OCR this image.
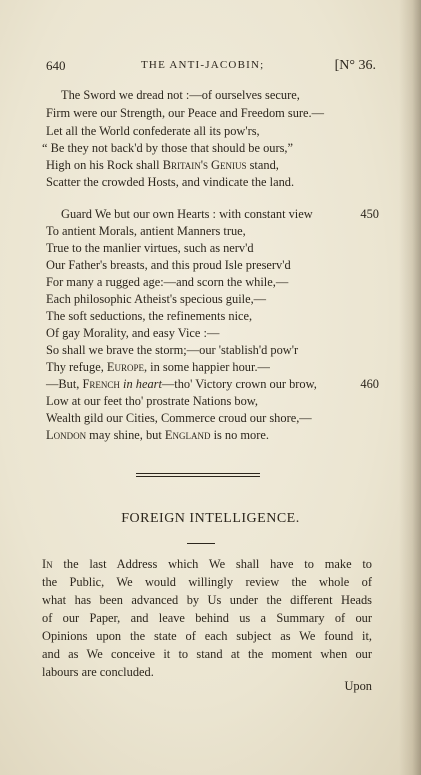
640	THE ANTI-JACOBIN;	[N° 36.
The Sword we dread not :—of ourselves secure,
Firm were our Strength, our Peace and Freedom sure.—
Let all the World confederate all its pow'rs,
“ Be they not back'd by those that should be ours,”
High on his Rock shall Britain's Genius stand,
Scatter the crowded Hosts, and vindicate the land.
Guard We but our own Hearts : with constant view	450
To antient Morals, antient Manners true,
True to the manlier virtues, such as nerv'd
Our Father's breasts, and this proud Isle preserv'd
For many a rugged age:—and scorn the while,—
Each philosophic Atheist's specious guile,—
The soft seductions, the refinements nice,
Of gay Morality, and easy Vice :—
So shall we brave the storm;—our 'stablish'd pow'r
Thy refuge, Europe, in some happier hour.—
—But, French in heart—tho' Victory crown our brow,	460
Low at our feet tho' prostrate Nations bow,
Wealth gild our Cities, Commerce croud our shore,—
London may shine, but England is no more.
FOREIGN INTELLIGENCE.
In the last Address which We shall have to make to
the Public, We would willingly review the whole of
what has been advanced by Us under the different Heads
of our Paper, and leave behind us a Summary of our
Opinions upon the state of each subject as We found it,
and as We conceive it to stand at the moment when our
labours are concluded.
Upon
